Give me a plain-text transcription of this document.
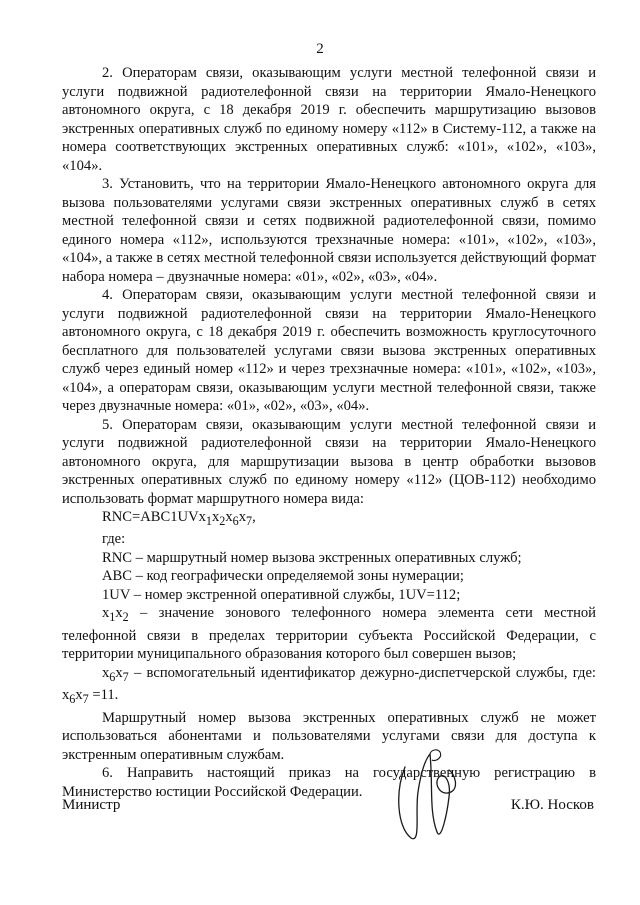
2

2. Операторам связи, оказывающим услуги местной телефонной связи и услуги подвижной радиотелефонной связи на территории Ямало-Ненецкого автономного округа, с 18 декабря 2019 г. обеспечить маршрутизацию вызовов экстренных оперативных служб по единому номеру «112» в Систему-112, а также на номера соответствующих экстренных оперативных служб: «101», «102», «103», «104».

3. Установить, что на территории Ямало-Ненецкого автономного округа для вызова пользователями услугами связи экстренных оперативных служб в сетях местной телефонной связи и сетях подвижной радиотелефонной связи, помимо единого номера «112», используются трехзначные номера: «101», «102», «103», «104», а также в сетях местной телефонной связи используется действующий формат набора номера – двузначные номера: «01», «02», «03», «04».

4. Операторам связи, оказывающим услуги местной телефонной связи и услуги подвижной радиотелефонной связи на территории Ямало-Ненецкого автономного округа, с 18 декабря 2019 г. обеспечить возможность круглосуточного бесплатного для пользователей услугами связи вызова экстренных оперативных служб через единый номер «112» и через трехзначные номера: «101», «102», «103», «104», а операторам связи, оказывающим услуги местной телефонной связи, также через двузначные номера: «01», «02», «03», «04».

5. Операторам связи, оказывающим услуги местной телефонной связи и услуги подвижной радиотелефонной связи на территории Ямало-Ненецкого автономного округа, для маршрутизации вызова в центр обработки вызовов экстренных оперативных служб по единому номеру «112» (ЦОВ-112) необходимо использовать формат маршрутного номера вида:

$RNC=ABC1UVx_1x_2x_6x_7$,

где:

RNC – маршрутный номер вызова экстренных оперативных служб;

ABC – код географически определяемой зоны нумерации;

1UV – номер экстренной оперативной службы, 1UV=112;

$x_1x_2$ – значение зонового телефонного номера элемента сети местной телефонной связи в пределах территории субъекта Российской Федерации, с территории муниципального образования которого был совершен вызов;

$x_6x_7$ – вспомогательный идентификатор дежурно-диспетчерской службы, где: $x_6x_7 =11$.

Маршрутный номер вызова экстренных оперативных служб не может использоваться абонентами и пользователями услугами связи для доступа к экстренным оперативным службам.

6. Направить настоящий приказ на государственную регистрацию в Министерство юстиции Российской Федерации.

Министр	К.Ю. Носков
